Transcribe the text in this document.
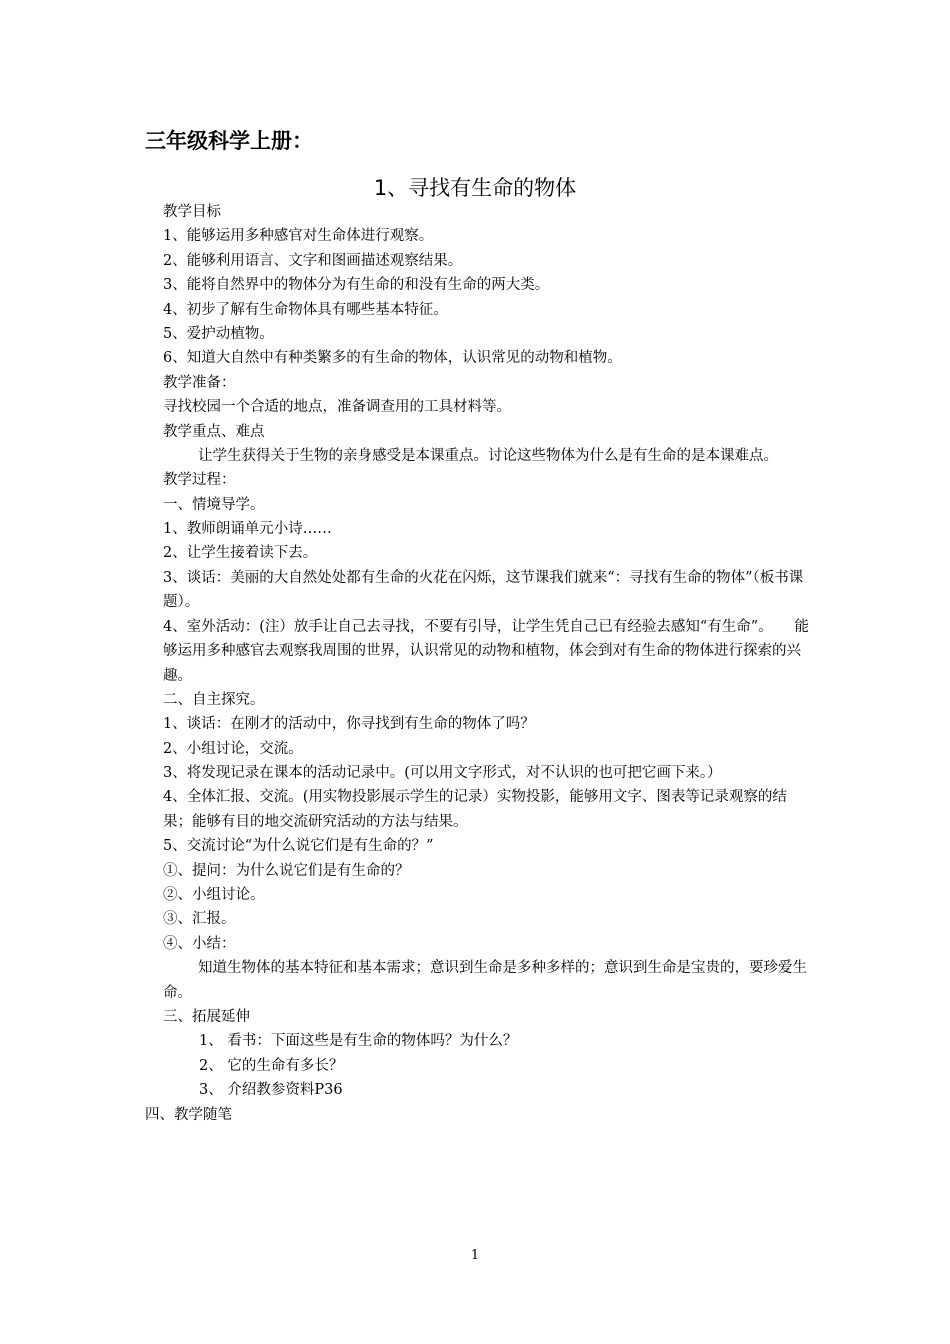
三年级科学上册：
1、寻找有生命的物体
教学目标
1、能够运用多种感官对生命体进行观察。
2、能够利用语言、文字和图画描述观察结果。
3、能将自然界中的物体分为有生命的和没有生命的两大类。
4、初步了解有生命物体具有哪些基本特征。
5、爱护动植物。
6、知道大自然中有种类繁多的有生命的物体，认识常见的动物和植物。
教学准备：
寻找校园一个合适的地点，准备调查用的工具材料等。
教学重点、难点
让学生获得关于生物的亲身感受是本课重点。讨论这些物体为什么是有生命的是本课难点。
教学过程：
一、情境导学。
1、教师朗诵单元小诗‥‥‥
2、让学生接着读下去。
3、谈话：美丽的大自然处处都有生命的火花在闪烁，这节课我们就来“：寻找有生命的物体”（板书课题）。
4、室外活动：(注）放手让自己去寻找，不要有引导，让学生凭自己已有经验去感知“有生命”。　　能够运用多种感官去观察我周围的世界，认识常见的动物和植物，体会到对有生命的物体进行探索的兴趣。
二、自主探究。
1、谈话：在刚才的活动中，你寻找到有生命的物体了吗？
2、小组讨论，交流。
3、将发现记录在课本的活动记录中。(可以用文字形式，对不认识的也可把它画下来。）
4、全体汇报、交流。(用实物投影展示学生的记录）实物投影，能够用文字、图表等记录观察的结果；能够有目的地交流研究活动的方法与结果。
5、交流讨论“为什么说它们是有生命的？”
①、提问：为什么说它们是有生命的？
②、小组讨论。
③、汇报。
④、小结：
知道生物体的基本特征和基本需求；意识到生命是多种多样的；意识到生命是宝贵的，要珍爱生命。
三、拓展延伸
1、 看书：下面这些是有生命的物体吗？为什么？
2、 它的生命有多长？
3、 介绍教参资料P36
四、教学随笔
1
